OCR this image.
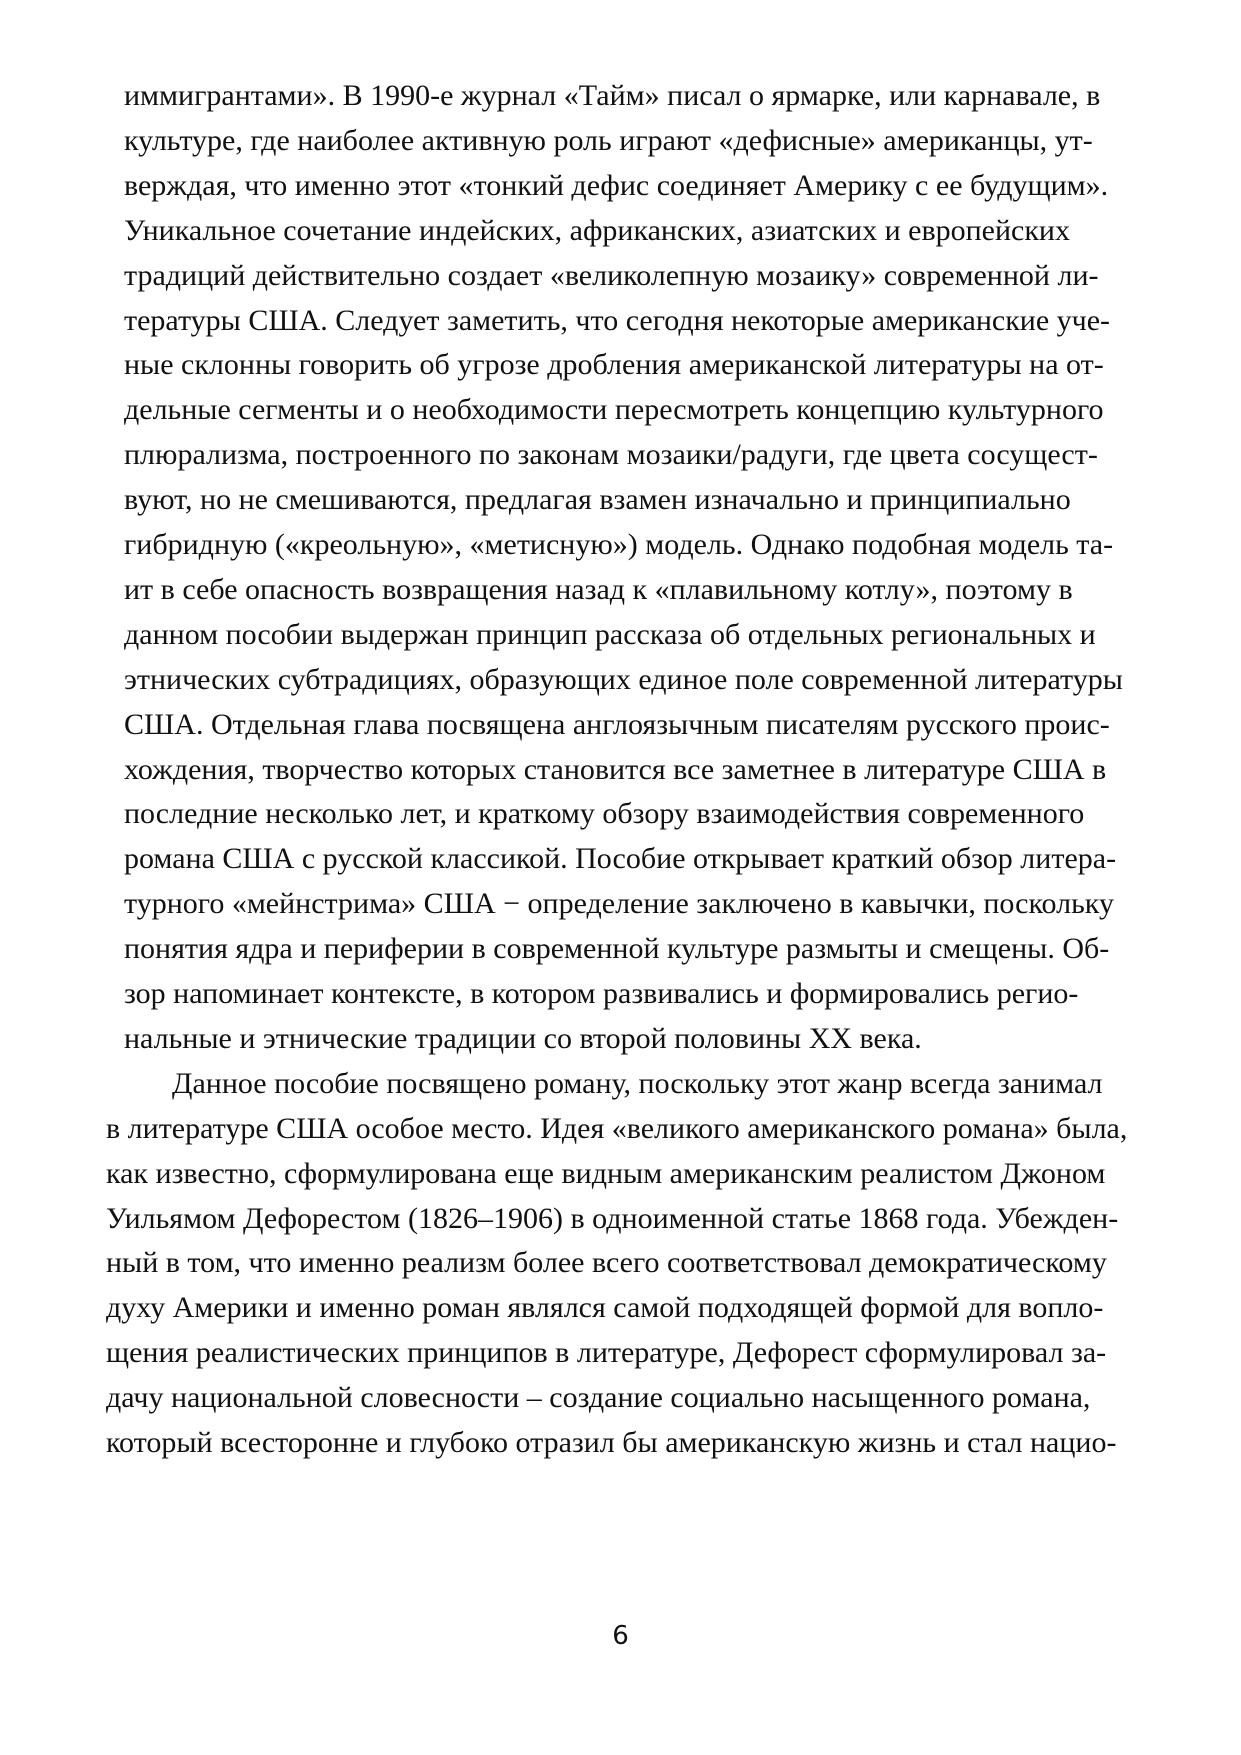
иммигрантами». В 1990-е журнал «Тайм» писал о ярмарке, или карнавале, в
культуре, где наиболее активную роль играют «дефисные» американцы, ут-
верждая, что именно этот «тонкий дефис соединяет Америку с ее будущим».
Уникальное сочетание индейских, африканских, азиатских и европейских
традиций действительно создает «великолепную мозаику» современной ли-
тературы США. Следует заметить, что сегодня некоторые американские уче-
ные склонны говорить об угрозе дробления американской литературы на от-
дельные сегменты и о необходимости пересмотреть концепцию культурного
плюрализма, построенного по законам мозаики/радуги, где цвета сосущест-
вуют, но не смешиваются, предлагая взамен изначально и принципиально
гибридную («креольную», «метисную») модель. Однако подобная модель та-
ит в себе опасность возвращения назад к «плавильному котлу», поэтому в
данном пособии выдержан принцип рассказа об отдельных региональных и
этнических субтрадициях, образующих единое поле современной литературы
США. Отдельная глава посвящена англоязычным писателям русского проис-
хождения, творчество которых становится все заметнее в литературе США в
последние несколько лет, и краткому обзору взаимодействия современного
романа США с русской классикой. Пособие открывает краткий обзор литера-
турного «мейнстрима» США − определение заключено в кавычки, поскольку
понятия ядра и периферии в современной культуре размыты и смещены. Об-
зор напоминает контексте, в котором развивались и формировались регио-
нальные и этнические традиции со второй половины XX века.
Данное пособие посвящено роману, поскольку этот жанр всегда занимал
в литературе США особое место. Идея «великого американского романа» была,
как известно, сформулирована еще видным американским реалистом Джоном
Уильямом Дефорестом (1826–1906) в одноименной статье 1868 года. Убежден-
ный в том, что именно реализм более всего соответствовал демократическому
духу Америки и именно роман являлся самой подходящей формой для вопло-
щения реалистических принципов в литературе, Дефорест сформулировал за-
дачу национальной словесности – создание социально насыщенного романа,
который всесторонне и глубоко отразил бы американскую жизнь и стал нацио-
6
